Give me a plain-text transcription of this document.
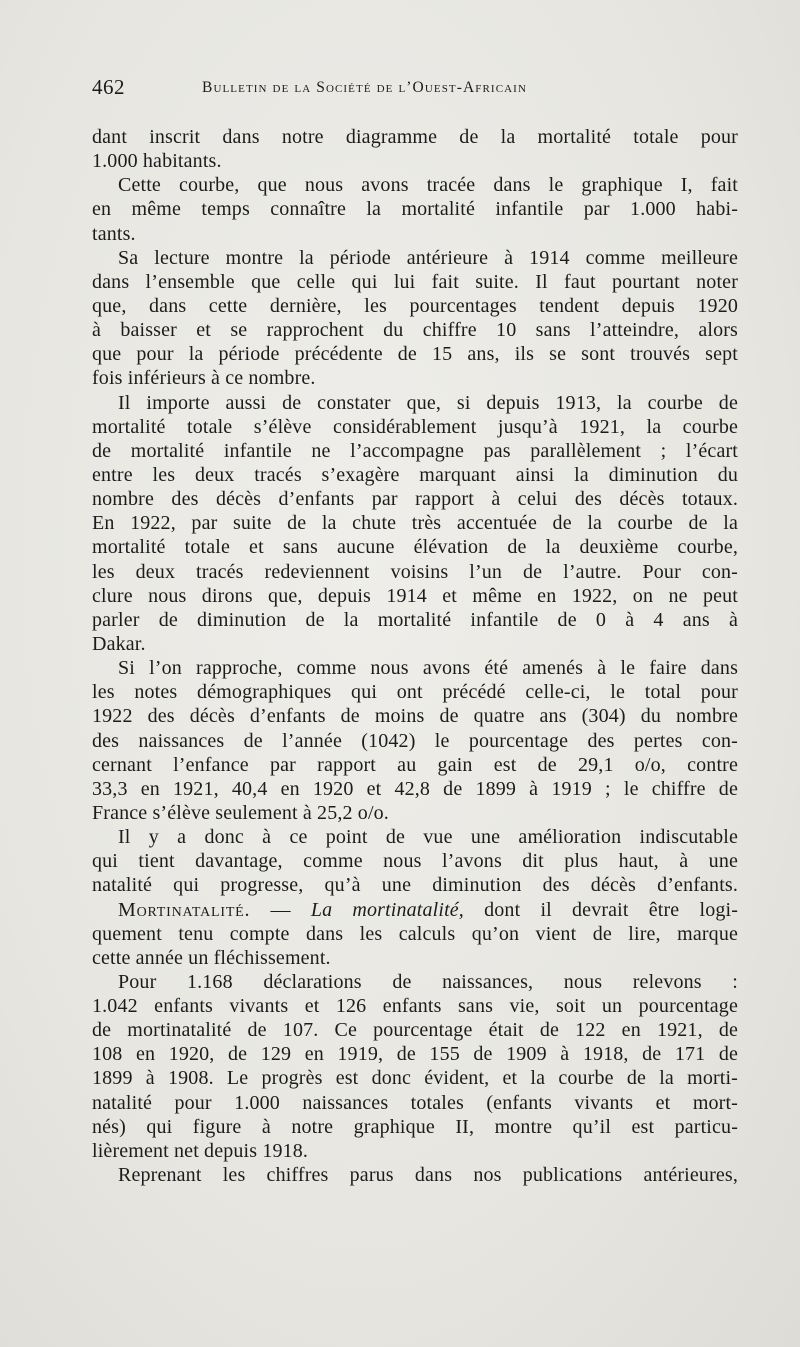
462	Bulletin de la Société de l’Ouest-Africain
dant inscrit dans notre diagramme de la mortalité totale pour
1.000 habitants.
Cette courbe, que nous avons tracée dans le graphique I, fait
en même temps connaître la mortalité infantile par 1.000 habi-
tants.
Sa lecture montre la période antérieure à 1914 comme meilleure
dans l’ensemble que celle qui lui fait suite. Il faut pourtant noter
que, dans cette dernière, les pourcentages tendent depuis 1920
à baisser et se rapprochent du chiffre 10 sans l’atteindre, alors
que pour la période précédente de 15 ans, ils se sont trouvés sept
fois inférieurs à ce nombre.
Il importe aussi de constater que, si depuis 1913, la courbe de
mortalité totale s’élève considérablement jusqu’à 1921, la courbe
de mortalité infantile ne l’accompagne pas parallèlement ; l’écart
entre les deux tracés s’exagère marquant ainsi la diminution du
nombre des décès d’enfants par rapport à celui des décès totaux.
En 1922, par suite de la chute très accentuée de la courbe de la
mortalité totale et sans aucune élévation de la deuxième courbe,
les deux tracés redeviennent voisins l’un de l’autre. Pour con-
clure nous dirons que, depuis 1914 et même en 1922, on ne peut
parler de diminution de la mortalité infantile de 0 à 4 ans à
Dakar.
Si l’on rapproche, comme nous avons été amenés à le faire dans
les notes démographiques qui ont précédé celle-ci, le total pour
1922 des décès d’enfants de moins de quatre ans (304) du nombre
des naissances de l’année (1042) le pourcentage des pertes con-
cernant l’enfance par rapport au gain est de 29,1 o/o, contre
33,3 en 1921, 40,4 en 1920 et 42,8 de 1899 à 1919 ; le chiffre de
France s’élève seulement à 25,2 o/o.
Il y a donc à ce point de vue une amélioration indiscutable
qui tient davantage, comme nous l’avons dit plus haut, à une
natalité qui progresse, qu’à une diminution des décès d’enfants.
Mortinatalité. — La mortinatalité, dont il devrait être logi-
quement tenu compte dans les calculs qu’on vient de lire, marque
cette année un fléchissement.
Pour 1.168 déclarations de naissances, nous relevons :
1.042 enfants vivants et 126 enfants sans vie, soit un pourcentage
de mortinatalité de 107. Ce pourcentage était de 122 en 1921, de
108 en 1920, de 129 en 1919, de 155 de 1909 à 1918, de 171 de
1899 à 1908. Le progrès est donc évident, et la courbe de la morti-
natalité pour 1.000 naissances totales (enfants vivants et mort-
nés) qui figure à notre graphique II, montre qu’il est particu-
lièrement net depuis 1918.
Reprenant les chiffres parus dans nos publications antérieures,
